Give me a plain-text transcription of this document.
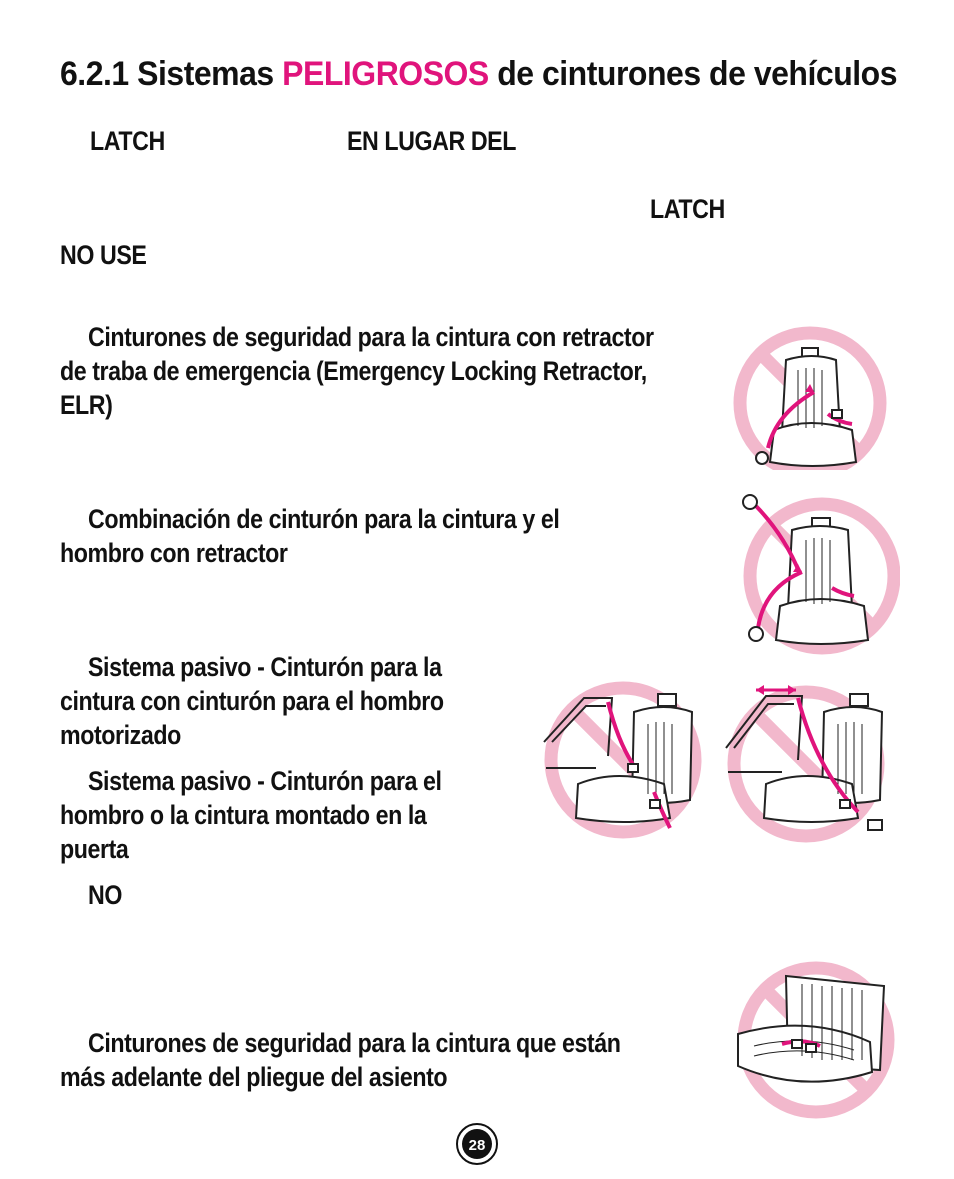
6.2.1 Sistemas PELIGROSOS de cinturones de vehículos
LATCH	EN LUGAR DEL
LATCH
NO USE
Cinturones de seguridad para la cintura con retractor
de traba de emergencia (Emergency Locking Retractor,
ELR)
Combinación de cinturón para la cintura y el
hombro con retractor
Sistema pasivo - Cinturón para la
cintura con cinturón para el hombro
motorizado
Sistema pasivo - Cinturón para el
hombro o la cintura montado en la
puerta
NO
Cinturones de seguridad para la cintura que están
más adelante del pliegue del asiento
28
